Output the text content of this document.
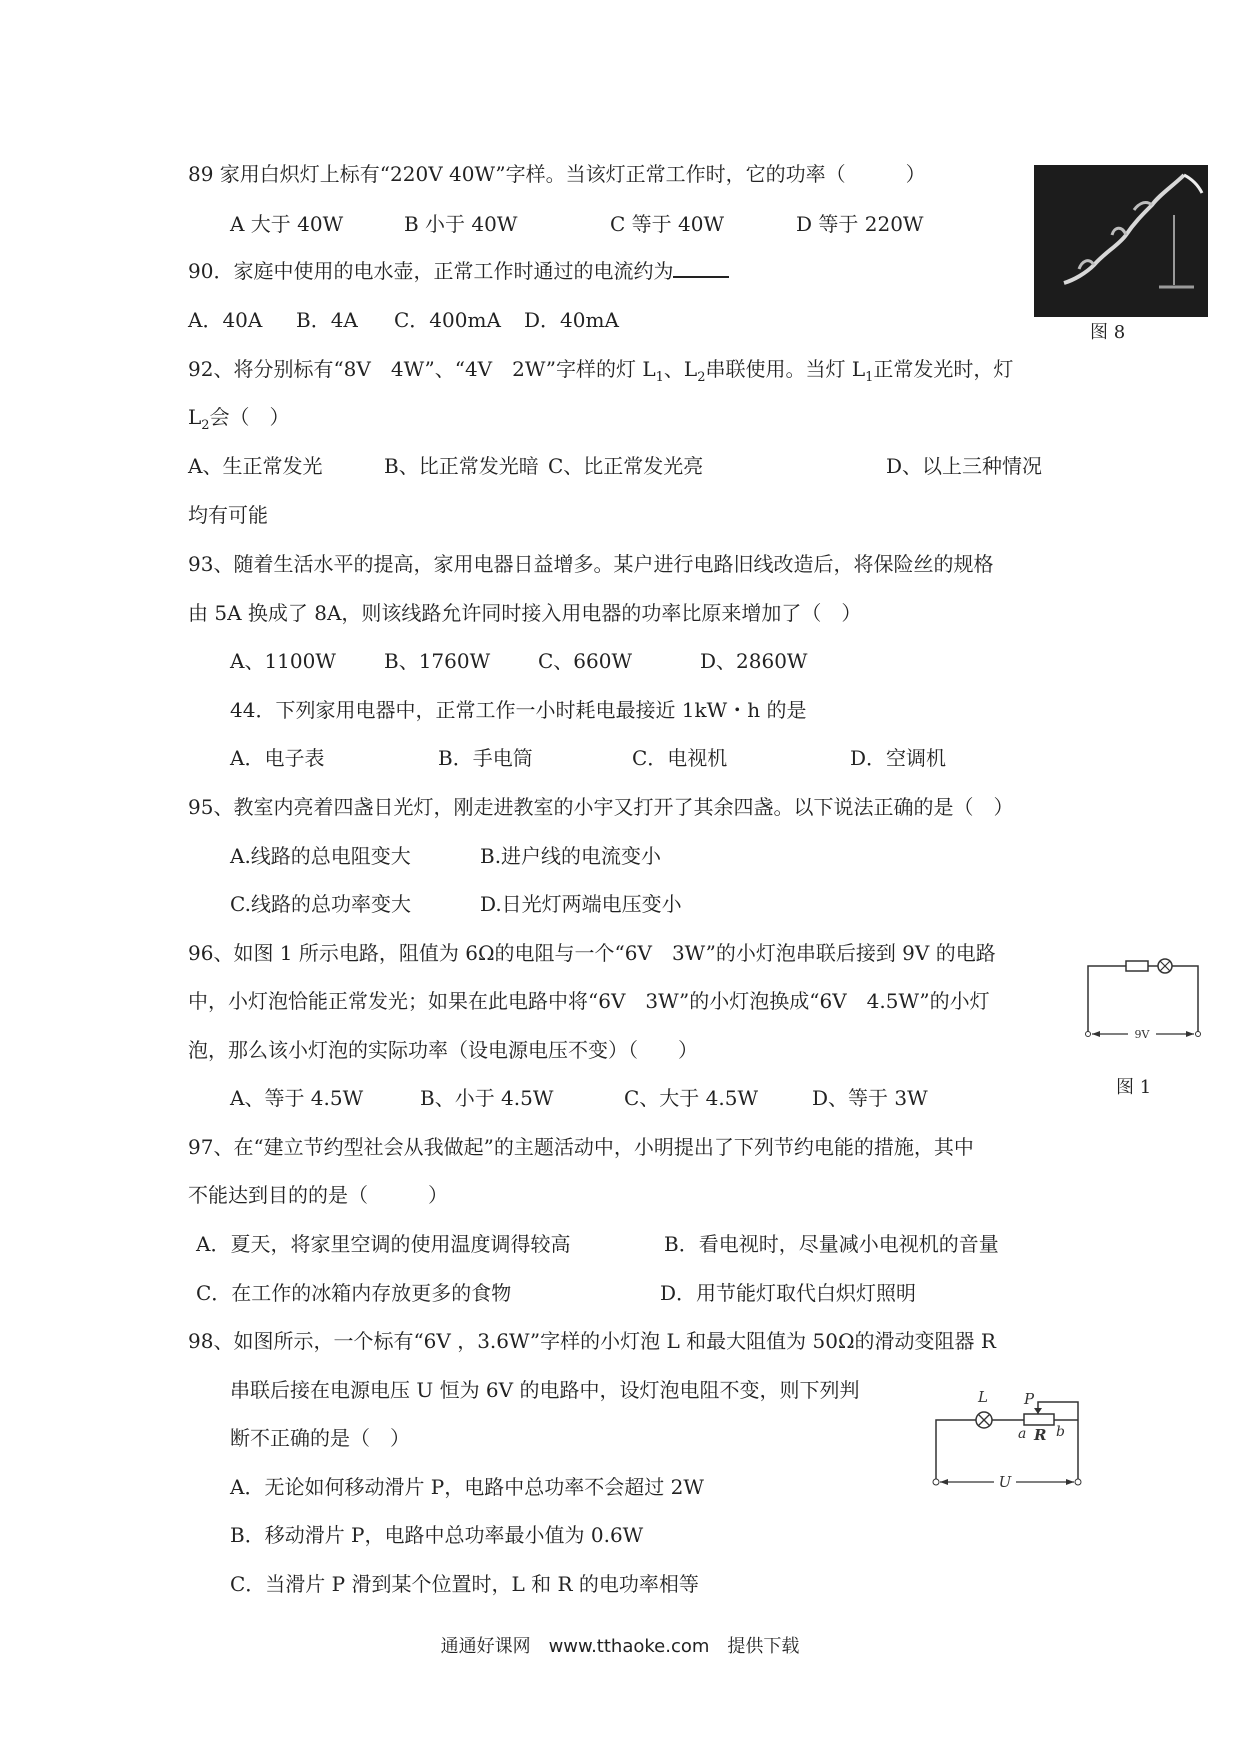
89 家用白炽灯上标有“220V 40W”字样。当该灯正常工作时，它的功率（　　　）
A 大于 40W	B 小于 40W	C 等于 40W	D 等于 220W
图 8
90．家庭中使用的电水壶，正常工作时通过的电流约为
A．40A B．4A C．400mA D．40mA
92、将分别标有“8V　4W”、“4V　2W”字样的灯 $L_1$、$L_2$串联使用。当灯 $L_1$正常发光时，灯
$L_2$会（　）
A、生正常发光	B、比正常发光暗 C、比正常发光亮	D、以上三种情况
均有可能
93、随着生活水平的提高，家用电器日益增多。某户进行电路旧线改造后，将保险丝的规格
由 5A 换成了 8A，则该线路允许同时接入用电器的功率比原来增加了（　）
A、1100W B、1760W C、660W	D、2860W
44．下列家用电器中，正常工作一小时耗电最接近 1kW・h 的是
A．电子表	B．手电筒	C．电视机	D．空调机
95、教室内亮着四盏日光灯，刚走进教室的小宇又打开了其余四盏。以下说法正确的是（　）
A.线路的总电阻变大	B.进户线的电流变小
C.线路的总功率变大	D.日光灯两端电压变小
96、如图 1 所示电路，阻值为 6Ω的电阻与一个“6V　3W”的小灯泡串联后接到 9V 的电路
中，小灯泡恰能正常发光；如果在此电路中将“6V　3W”的小灯泡换成“6V　4.5W”的小灯
泡，那么该小灯泡的实际功率（设电源电压不变）（　　）
A、等于 4.5W	B、小于 4.5W	C、大于 4.5W	D、等于 3W
9V
图 1
97、在“建立节约型社会从我做起”的主题活动中，小明提出了下列节约电能的措施，其中
不能达到目的的是（　　　）
A．夏天，将家里空调的使用温度调得较高	B．看电视时，尽量减小电视机的音量
C．在工作的冰箱内存放更多的食物	D．用节能灯取代白炽灯照明
98、如图所示，一个标有“6V ，3.6W”字样的小灯泡 L 和最大阻值为 50Ω的滑动变阻器 R
串联后接在电源电压 U 恒为 6V 的电路中，设灯泡电阻不变，则下列判
断不正确的是（　）
A．无论如何移动滑片 P，电路中总功率不会超过 2W
B．移动滑片 P，电路中总功率最小值为 0.6W
C．当滑片 P 滑到某个位置时，L 和 R 的电功率相等
L P
a R b
U
通通好课网　www.tthaoke.com　提供下载
